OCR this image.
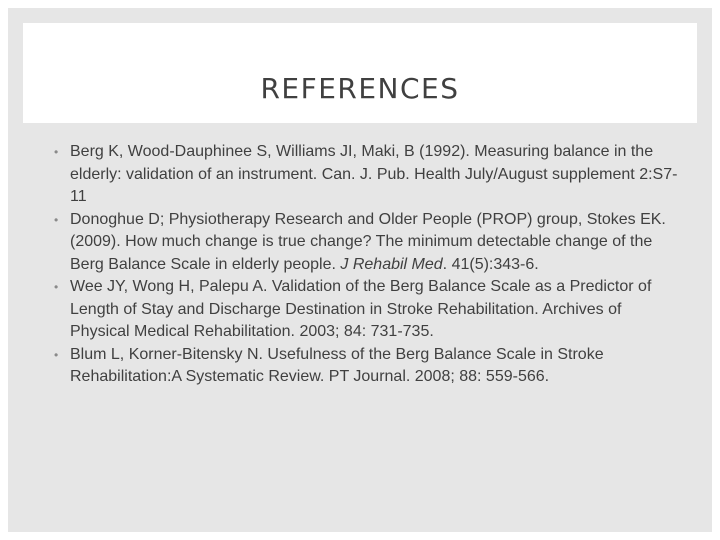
REFERENCES
• Berg K, Wood-Dauphinee S, Williams JI, Maki, B (1992). Measuring balance in the elderly: validation of an instrument. Can. J. Pub. Health July/August supplement 2:S7-11
• Donoghue D; Physiotherapy Research and Older People (PROP) group, Stokes EK. (2009). How much change is true change? The minimum detectable change of the Berg Balance Scale in elderly people. J Rehabil Med. 41(5):343-6.
• Wee JY, Wong H, Palepu A. Validation of the Berg Balance Scale as a Predictor of Length of Stay and Discharge Destination in Stroke Rehabilitation. Archives of Physical Medical Rehabilitation. 2003; 84: 731-735.
• Blum L, Korner-Bitensky N. Usefulness of the Berg Balance Scale in Stroke Rehabilitation:A Systematic Review. PT Journal. 2008; 88: 559-566.
